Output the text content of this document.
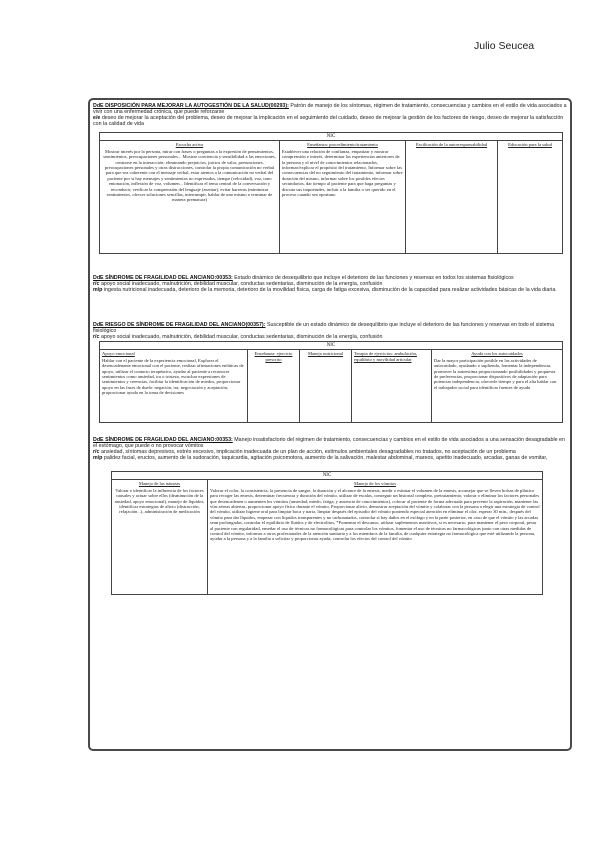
Julio Seucea

DdE DISPOSICIÓN PARA MEJORAR LA AUTOGESTIÓN DE LA SALUD(00293): Patrón de manejo de los síntomas, régimen de tratamiento, consecuencias y cambios en el estilo de vida asociados a vivir con una enfermedad crónica, que puede reforzarse
e/e deseo de mejorar la aceptación del problema, deseo de mejorar la implicación en el seguimiento del cuidado, deseo de mejorar la gestión de los factores de riesgo, deseo de mejorar la satisfacción con la calidad de vida

NIC
Escucha activa
Mostrar interés por la persona, mirar con frases o preguntas a la expresión de pensamientos, sentimientos, preocupaciones personales... Mostrar conciencia y sensibilidad a las emociones, centrarse en la interacción: eliminando prejuicios, juicios de valor, presunciones, preocupaciones personales y otras distracciones, controlar la propia comunicación no verbal para que sea coherente con el mensaje verbal, estar atentos a la comunicación no verbal del paciente por si hay mensajes y sentimientos no expresados, tiempo (velocidad), voz, tono entonación, inflexión de voz, volumen... Identificar el tema central de la conversación y reconducir, verificar la comprensión del lenguaje (asentar), evitar barreras (minimizar sentimientos, ofrecer soluciones sencillas, interrumpir, hablar de uno mismo o terminar de manera prematura)
Enseñanza: procedimiento/tratamiento
Establecer una relación de confianza, empatizar y mostrar comprensión e interés, determinar las experiencias anteriores de la persona y el nivel de conocimientos relacionados, informar/explicar el propósito del tratamiento, Informar sobre las consecuencias del no seguimiento del tratamiento, informar sobre duración del mismo, informar sobre los posibles efectos secundarios, dar tiempo al paciente para que haga preguntas y discuta sus inquietudes, incluir a la familia o ser querido en el proceso cuando sea oportuno
Facilitación de la autorresponsabilidad	Educación para la salud

DdE SÍNDROME DE FRAGILIDAD DEL ANCIANO:00353: Estado dinámico de desequilibrio que incluye el deterioro de las funciones y reservas en todos los sistemas fisiológicos
r/c apoyo social inadecuado, malnutrición, debilidad muscular, conductas sedentarias, disminución de la energía, confusión
m/p ingesta nutricional inadecuada, deterioro de la memoria, deterioro de la movilidad física, carga de fatiga excesiva, disminución de la capacidad para realizar actividades básicas de la vida diaria.

DdE RIESGO DE SÍNDROME DE FRAGILIDAD DEL ANCIANO(00357): Susceptible de un estado dinámico de desequilibrio que incluye el deterioro de las funciones y reservas en todo el sistema fisiológico
r/c apoyo social inadecuado, malnutrición, debilidad muscular, conductas sedentarias, disminución de la energía, confusión

NIC
Apoyo emocional
Hablar con el paciente de la experiencia emocional, Explorar el desencadenante emocional con el paciente, realizar afirmaciones enfáticas de apoyo, utilizar el contacto terapéutico, ayudar al paciente a reconocer sentimientos como ansiedad, ira o tristeza, escuchar expresiones de sentimientos y creencias, facilitar la identificación de miedos, proporcionar apoyo en las fases de duelo: negación, ira, negociación y aceptación, proporcionar ayuda en la toma de decisiones
Enseñanza: ejercicio prescrito
Manejo nutricional	Terapia de ejercicios: ambulación, equilibrio y movilidad articular
Ayuda con los autocuidados
Dar la mayor participación posible en las actividades de autocuidado, ayudando o supliendo, fomentar la independencia, promover la autoestima proporcionando posibilidades y propuesta de preferencias, proporcionar dispositivos de adaptación para potenciar independencia, ofrecerle tiempo y para el alta hablar con el trabajador social para identificar fuentes de ayuda

DdE SÍNDROME DE FRAGILIDAD DEL ANCIANO:00353: Manejo insatisfactorio del régimen de tratamiento, consecuencias y cambios en el estilo de vida asociados a una sensación desagradable en el estómago, que puede o no provocar vómitos
r/c ansiedad, síntomas depresivos, estrés excesivo, implicación inadecuada de un plan de acción, estímulos ambientales desagradables no tratados, no aceptación de un problema
m/p palidez facial, eructos, aumento de la sudoración, taquicardia, agitación psicomotora, aumento de la salivación, malestar abdominal, mareos, apetito inadecuado, arcadas, ganas de vomitar,

NIC
Manejo de las náuseas
Valorar e identificar la influencia de los factores causales y actuar sobre ellos (disminución de la ansiedad, apoyo emocional), manejo de líquidos, identificar estrategias de alivio (distracción, relajación...), administración de medicación
Manejo de los vómitos
Valorar el color, la consistencia, la presencia de sangre, la duración y el alcance de la emesis, medir o estimar el volumen de la emesis, aconsejar que se lleven bolsas de plástico para recoger las emesis, determinar frecuencia y duración del vómito, utilizar de escalas, conseguir un historial completo, pretratamiento, valorar o eliminar los factores personales que desencadenen o aumenten los vómitos (ansiedad, miedo, fatiga, y ausencia de conocimientos), colocar al paciente de forma adecuada para prevenir la aspiración, mantener las vías aéreas abiertas, proporcionar apoyo físico durante el vómito, Proporcionar alivio, demostrar aceptación del vómito y colaborar con la persona a elegir una estrategia de control del vómito, utilizar higiene oral para limpiar boca y nariz, limpiar después del episodio del vómito poniendo especial atención en eliminar el olor, esperar 30 min., después del vómito para dar líquidos, empezar con líquidos transparentes y no carbonatados, controlar si hay daños en el esófago y en la parte posterior, en caso de que el vómito y las arcadas sean prolongadas, controlar el equilibrio de fluidos y de electrolitos, *Fomentar el descanso, utilizar suplementos nutritivos, si es necesario, para mantener el peso corporal, pesar al paciente con regularidad, enseñar el uso de técnicas no farmacológicas para controlar los vómitos, fomentar el uso de técnicas no farmacológicas junto con otras medidas de control del vómito, informar a otros profesionales de la atención sanitaria y a los miembros de la familia, de cualquier estrategia no farmacológica que esté utilizando la persona, ayudar a la persona y a la familia a solicitar y proporcionar ayuda, controlar los efectos del control del vómito
